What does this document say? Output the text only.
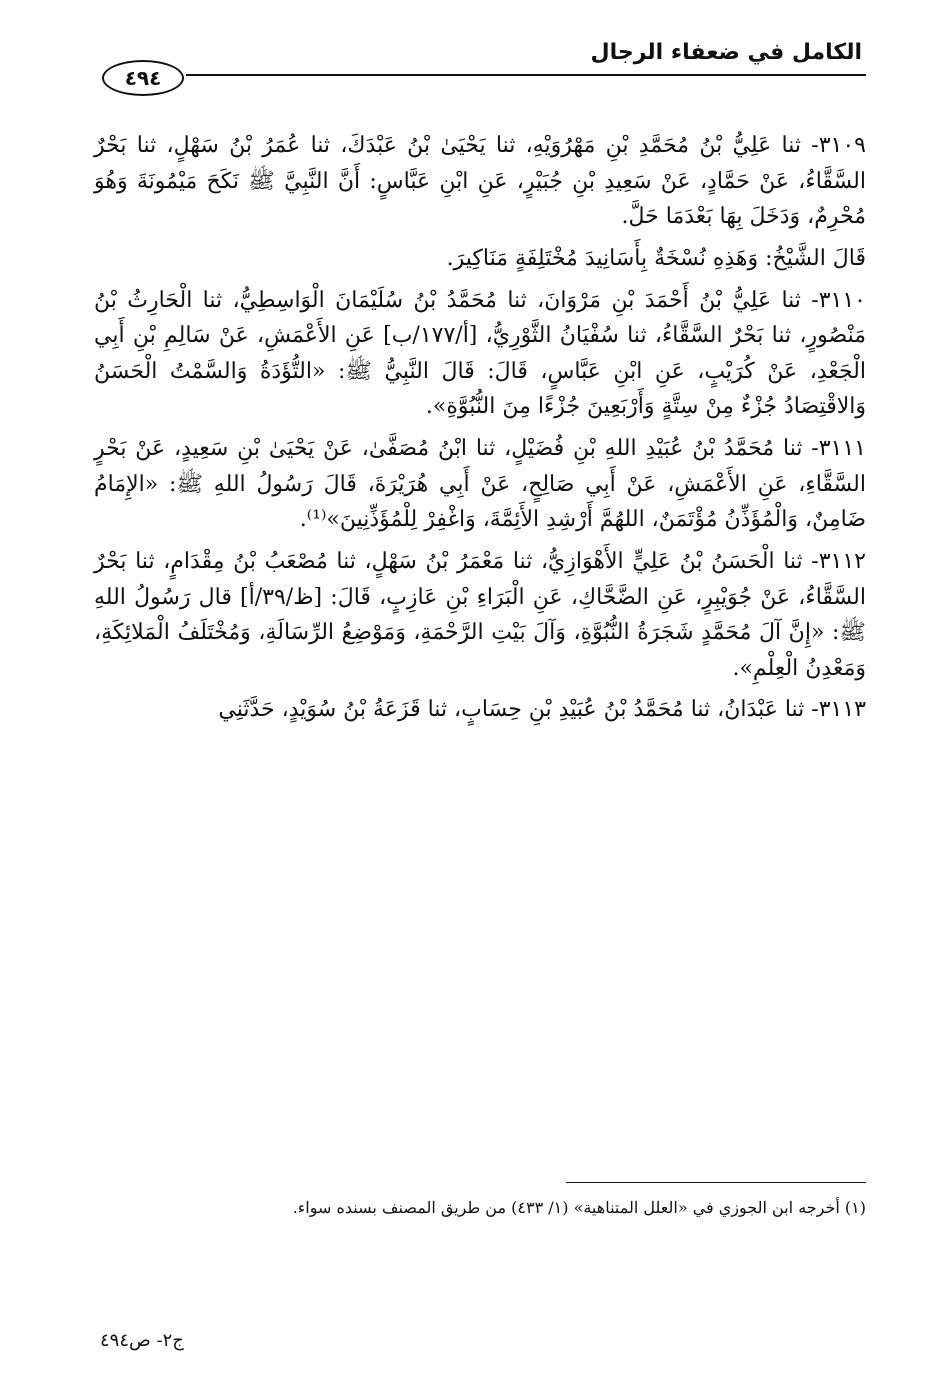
الكامل في ضعفاء الرجال
٤٩٤

٣١٠٩- ثنا عَلِيُّ بْنُ مُحَمَّدِ بْنِ مَهْرُوَيْهِ، ثنا يَحْيَىٰ بْنُ عَبْدَكَ، ثنا عُمَرُ بْنُ سَهْلٍ، ثنا بَحْرٌ السَّقَّاءُ، عَنْ حَمَّادٍ، عَنْ سَعِيدِ بْنِ جُبَيْرٍ، عَنِ ابْنِ عَبَّاسٍ: أَنَّ النَّبِيَّ ﷺ نَكَحَ مَيْمُونَةَ وَهُوَ مُحْرِمٌ، وَدَخَلَ بِهَا بَعْدَمَا حَلَّ.

قَالَ الشَّيْخُ: وَهَذِهِ نُسْخَةٌ بِأَسَانِيدَ مُخْتَلِفَةٍ مَنَاكِيرَ.

٣١١٠- ثنا عَلِيُّ بْنُ أَحْمَدَ بْنِ مَرْوَانَ، ثنا مُحَمَّدُ بْنُ سُلَيْمَانَ الْوَاسِطِيُّ، ثنا الْحَارِثُ بْنُ مَنْصُورٍ، ثنا بَحْرٌ السَّقَّاءُ، ثنا سُفْيَانُ الثَّوْرِيُّ، [أ/١٧٧/ب] عَنِ الأَعْمَشِ، عَنْ سَالِمِ بْنِ أَبِي الْجَعْدِ، عَنْ كُرَيْبٍ، عَنِ ابْنِ عَبَّاسٍ، قَالَ: قَالَ النَّبِيُّ ﷺ: «التُّؤَدَةُ وَالسَّمْتُ الْحَسَنُ وَالاقْتِصَادُ جُزْءٌ مِنْ سِتَّةٍ وَأَرْبَعِينَ جُزْءًا مِنَ النُّبُوَّةِ».

٣١١١- ثنا مُحَمَّدُ بْنُ عُبَيْدِ اللهِ بْنِ فُضَيْلٍ، ثنا ابْنُ مُصَفَّىٰ، عَنْ يَحْيَىٰ بْنِ سَعِيدٍ، عَنْ بَحْرٍ السَّقَّاءِ، عَنِ الأَعْمَشِ، عَنْ أَبِي صَالِحٍ، عَنْ أَبِي هُرَيْرَةَ، قَالَ رَسُولُ اللهِ ﷺ: «الإِمَامُ ضَامِنٌ، وَالْمُؤَذِّنُ مُؤْتَمَنٌ، اللهُمَّ أَرْشِدِ الأَئِمَّةَ، وَاغْفِرْ لِلْمُؤَذِّنِينَ»⁽¹⁾.

٣١١٢- ثنا الْحَسَنُ بْنُ عَلِيٍّ الأَهْوَازِيُّ، ثنا مَعْمَرُ بْنُ سَهْلٍ، ثنا مُصْعَبُ بْنُ مِقْدَامٍ، ثنا بَحْرٌ السَّقَّاءُ، عَنْ جُوَيْبِرٍ، عَنِ الضَّحَّاكِ، عَنِ الْبَرَاءِ بْنِ عَازِبٍ، قَالَ: [ظ/٣٩/أ] قال رَسُولُ اللهِ ﷺ: «إِنَّ آلَ مُحَمَّدٍ شَجَرَةُ النُّبُوَّةِ، وَآلَ بَيْتِ الرَّحْمَةِ، وَمَوْضِعُ الرِّسَالَةِ، وَمُخْتَلَفُ الْمَلائِكَةِ، وَمَعْدِنُ الْعِلْمِ».

٣١١٣- ثنا عَبْدَانُ، ثنا مُحَمَّدُ بْنُ عُبَيْدِ بْنِ حِسَابٍ، ثنا قَزَعَةُ بْنُ سُوَيْدٍ، حَدَّثَنِي

(١) أخرجه ابن الجوزي في «العلل المتناهية» (١/ ٤٣٣) من طريق المصنف بسنده سواء.
ج٢- ص٤٩٤
